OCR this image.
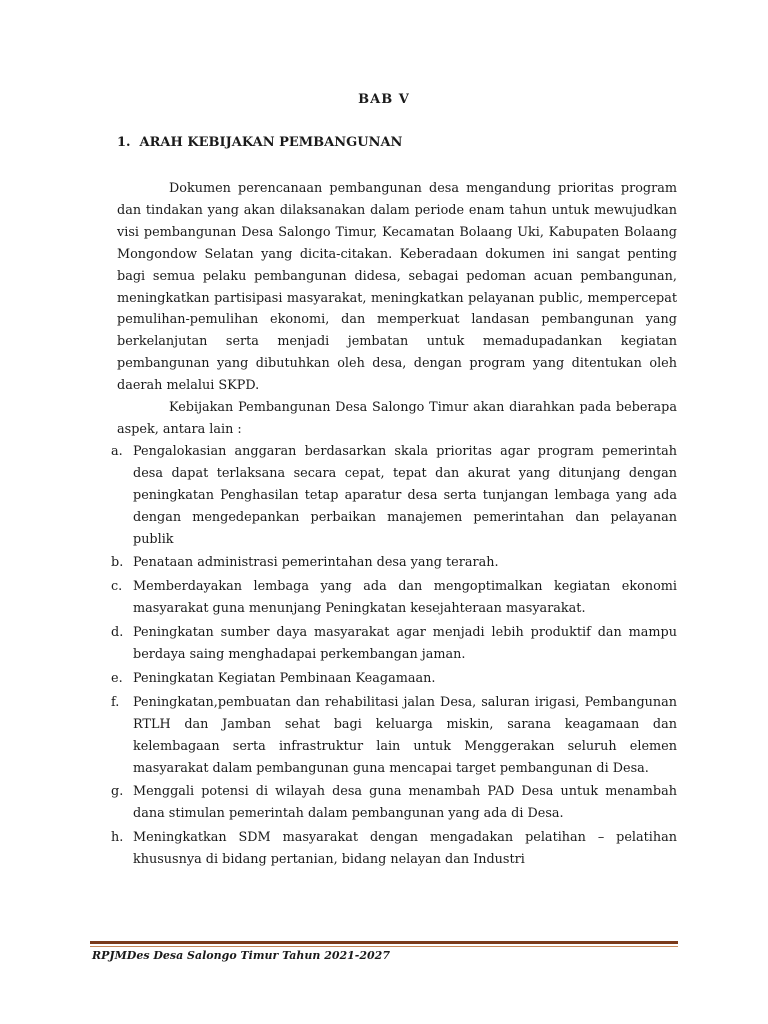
BAB V
1. ARAH KEBIJAKAN PEMBANGUNAN

Dokumen perencanaan pembangunan desa mengandung prioritas program dan tindakan yang akan dilaksanakan dalam periode enam tahun untuk mewujudkan visi pembangunan Desa Salongo Timur, Kecamatan Bolaang Uki, Kabupaten Bolaang Mongondow Selatan yang dicita-citakan. Keberadaan dokumen ini sangat penting bagi semua pelaku pembangunan didesa, sebagai pedoman acuan pembangunan, meningkatkan partisipasi masyarakat, meningkatkan pelayanan public, mempercepat pemulihan-pemulihan ekonomi, dan memperkuat landasan pembangunan yang berkelanjutan serta menjadi jembatan untuk memadupadankan kegiatan pembangunan yang dibutuhkan oleh desa, dengan program yang ditentukan oleh daerah melalui SKPD.

Kebijakan Pembangunan Desa Salongo Timur akan diarahkan pada beberapa aspek, antara lain :

a. Pengalokasian anggaran berdasarkan skala prioritas agar program pemerintah desa dapat terlaksana secara cepat, tepat dan akurat yang ditunjang dengan peningkatan Penghasilan tetap aparatur desa serta tunjangan lembaga yang ada dengan mengedepankan perbaikan manajemen pemerintahan dan pelayanan publik
b. Penataan administrasi pemerintahan desa yang terarah.
c. Memberdayakan lembaga yang ada dan mengoptimalkan kegiatan ekonomi masyarakat guna menunjang Peningkatan kesejahteraan masyarakat.
d. Peningkatan sumber daya masyarakat agar menjadi lebih produktif dan mampu berdaya saing menghadapai perkembangan jaman.
e. Peningkatan Kegiatan Pembinaan Keagamaan.
f. Peningkatan,pembuatan dan rehabilitasi jalan Desa, saluran irigasi, Pembangunan RTLH dan Jamban sehat bagi keluarga miskin, sarana keagamaan dan kelembagaan serta infrastruktur lain untuk Menggerakan seluruh elemen masyarakat dalam pembangunan guna mencapai target pembangunan di Desa.
g. Menggali potensi di wilayah desa guna menambah PAD Desa untuk menambah dana stimulan pemerintah dalam pembangunan yang ada di Desa.
h. Meningkatkan SDM masyarakat dengan mengadakan pelatihan – pelatihan khususnya di bidang pertanian, bidang nelayan dan Industri
RPJMDes Desa Salongo Timur Tahun 2021-2027
